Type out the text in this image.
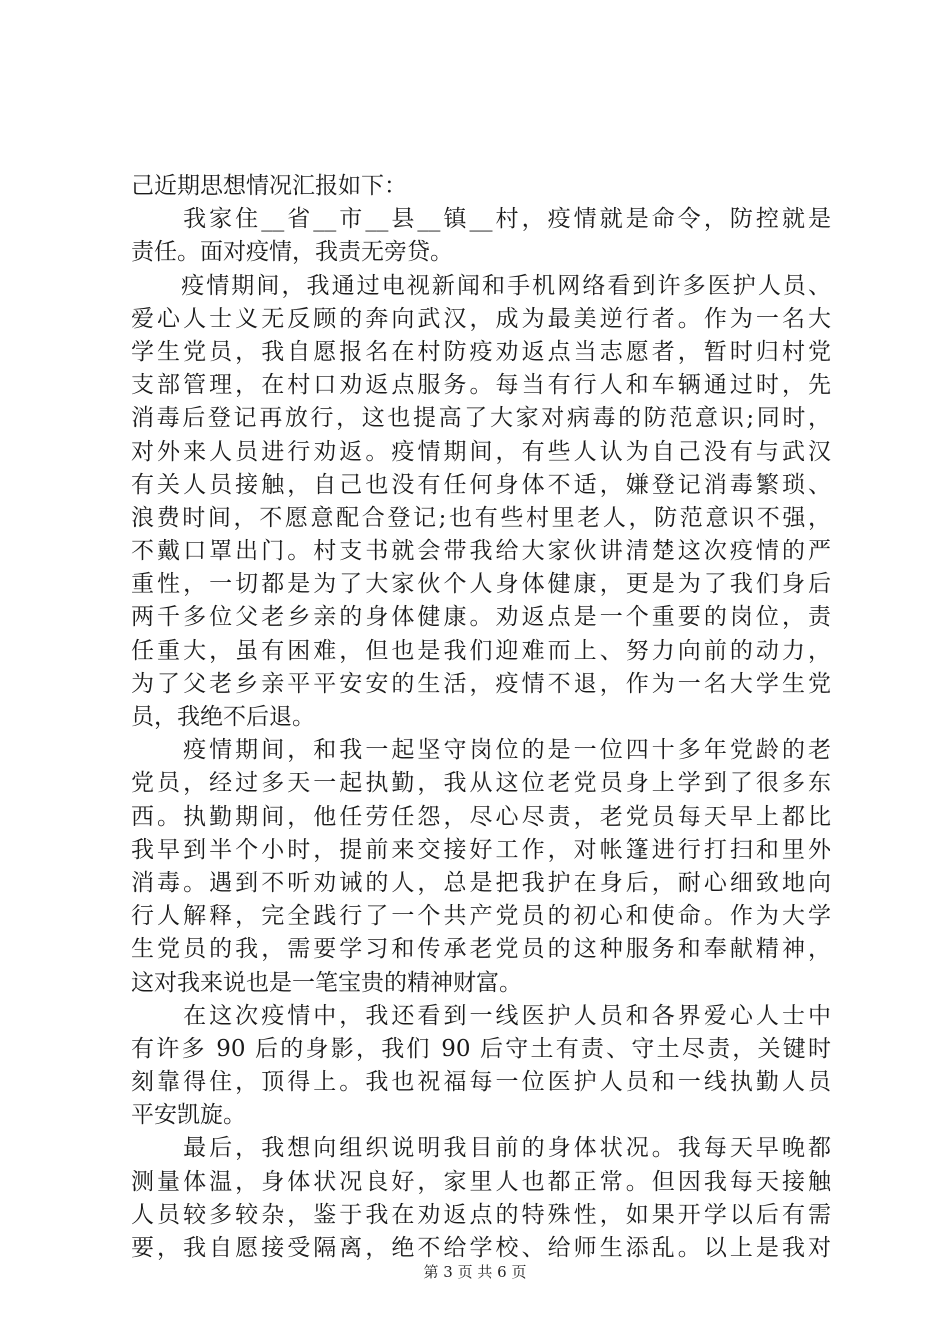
己近期思想情况汇报如下：
　　我家住__省__市__县__镇__村，疫情就是命令，防控就是
责任。面对疫情，我责无旁贷。
　　疫情期间，我通过电视新闻和手机网络看到许多医护人员、
爱心人士义无反顾的奔向武汉，成为最美逆行者。作为一名大
学生党员，我自愿报名在村防疫劝返点当志愿者，暂时归村党
支部管理，在村口劝返点服务。每当有行人和车辆通过时，先
消毒后登记再放行，这也提高了大家对病毒的防范意识;同时，
对外来人员进行劝返。疫情期间，有些人认为自己没有与武汉
有关人员接触，自己也没有任何身体不适，嫌登记消毒繁琐、
浪费时间，不愿意配合登记;也有些村里老人，防范意识不强，
不戴口罩出门。村支书就会带我给大家伙讲清楚这次疫情的严
重性，一切都是为了大家伙个人身体健康，更是为了我们身后
两千多位父老乡亲的身体健康。劝返点是一个重要的岗位，责
任重大，虽有困难，但也是我们迎难而上、努力向前的动力，
为了父老乡亲平平安安的生活，疫情不退，作为一名大学生党
员，我绝不后退。
　　疫情期间，和我一起坚守岗位的是一位四十多年党龄的老
党员，经过多天一起执勤，我从这位老党员身上学到了很多东
西。执勤期间，他任劳任怨，尽心尽责，老党员每天早上都比
我早到半个小时，提前来交接好工作，对帐篷进行打扫和里外
消毒。遇到不听劝诫的人，总是把我护在身后，耐心细致地向
行人解释，完全践行了一个共产党员的初心和使命。作为大学
生党员的我，需要学习和传承老党员的这种服务和奉献精神，
这对我来说也是一笔宝贵的精神财富。
　　在这次疫情中，我还看到一线医护人员和各界爱心人士中
有许多 90 后的身影，我们 90 后守土有责、守土尽责，关键时
刻靠得住，顶得上。我也祝福每一位医护人员和一线执勤人员
平安凯旋。
　　最后，我想向组织说明我目前的身体状况。我每天早晚都
测量体温，身体状况良好，家里人也都正常。但因我每天接触
人员较多较杂，鉴于我在劝返点的特殊性，如果开学以后有需
要，我自愿接受隔离，绝不给学校、给师生添乱。以上是我对
第 3 页 共 6 页
